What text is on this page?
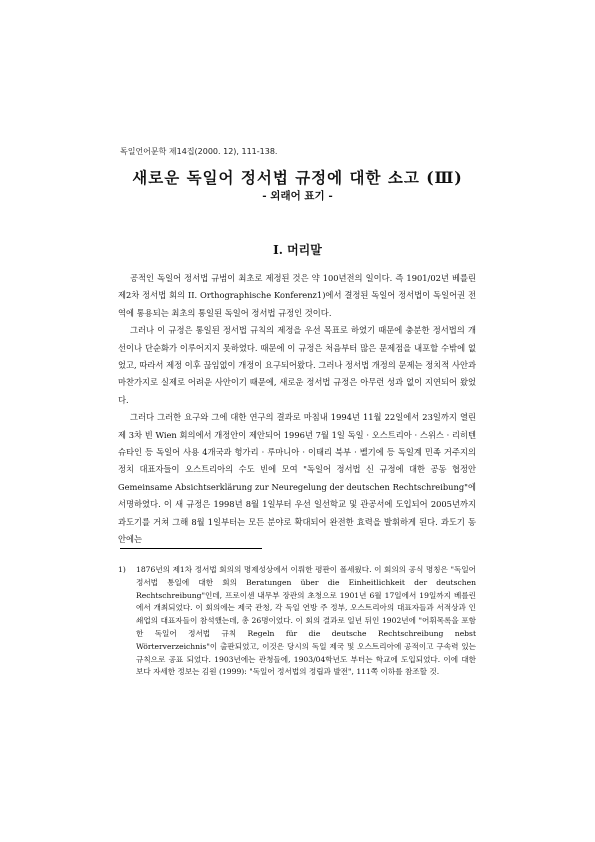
독일언어문학 제14집(2000. 12), 111-138.
새로운 독일어 정서법 규정에 대한 소고 (Ⅲ)
- 외래어 표기 -
Ⅰ. 머리말

공적인 독일어 정서법 규범이 최초로 제정된 것은 약 100년전의 일이다. 즉 1901/02년 베를린 제2차 정서법 회의 II. Orthographische Konferenz1)에서 결정된 독일어 정서법이 독일어권 전역에 통용되는 최초의 통일된 독일어 정서법 규정인 것이다.

그러나 이 규정은 통일된 정서법 규칙의 제정을 우선 목표로 하였기 때문에 충분한 정서법의 개선이나 단순화가 이루어지지 못하였다. 때문에 이 규정은 처음부터 많은 문제점을 내포할 수밖에 없었고, 따라서 제정 이후 끊임없이 개정이 요구되어왔다. 그러나 정서법 개정의 문제는 정치적 사안과 마찬가지로 실제로 어려운 사안이기 때문에, 새로운 정서법 규정은 아무런 성과 없이 지연되어 왔었다.

그러다 그러한 요구와 그에 대한 연구의 결과로 마침내 1994년 11월 22일에서 23일까지 열린 제 3차 빈 Wien 회의에서 개정안이 제안되어 1996년 7월 1일 독일 · 오스트리아 · 스위스 · 리히텐슈타인 등 독일어 사용 4개국과 헝가리 · 루마니아 · 이태리 북부 · 벨기에 등 독일계 민족 거주지의 정치 대표자들이 오스트리아의 수도 빈에 모여 "독일어 정서법 신 규정에 대한 공동 협정안 Gemeinsame Absichtserklärung zur Neuregelung der deutschen Rechtschreibung"에 서명하였다. 이 새 규정은 1998년 8월 1일부터 우선 일선학교 및 관공서에 도입되어 2005년까지 과도기를 거쳐 그해 8월 1일부터는 모든 분야로 확대되어 완전한 효력을 발휘하게 된다. 과도기 동안에는

1)	1876년의 제1차 정서법 회의의 명제성상에서 이뤄한 평판이 폴세웠다. 이 회의의 공식 명칭은 "독일어 정서법 통일에 대한 회의 Beratungen über die Einheitlichkeit der deutschen Rechtschreibung"인데, 프로이센 내무부 장관의 초청으로 1901년 6월 17일에서 19일까지 베를린에서 개최되었다. 이 회의에는 제국 관청, 각 독일 연방 주 정부, 오스트리아의 대표자들과 서적상과 인쇄업의 대표자들이 참석했는데, 총 26명이었다. 이 회의 결과로 일년 뒤인 1902년에 "어휘목록을 포함한 독일어 정서법 규칙 Regeln für die deutsche Rechtschreibung nebst Wörterverzeichnis"이 출판되었고, 이것은 당시의 독일 제국 및 오스트리아에 공적이고 구속력 있는 규칙으로 공표 되었다. 1903년에는 관청들에, 1903/04학년도 부터는 학교에 도입되었다. 이에 대한 보다 자세한 정보는 김원 (1999): "독일어 정서법의 정립과 발전", 111쪽 이하를 참조할 것.
